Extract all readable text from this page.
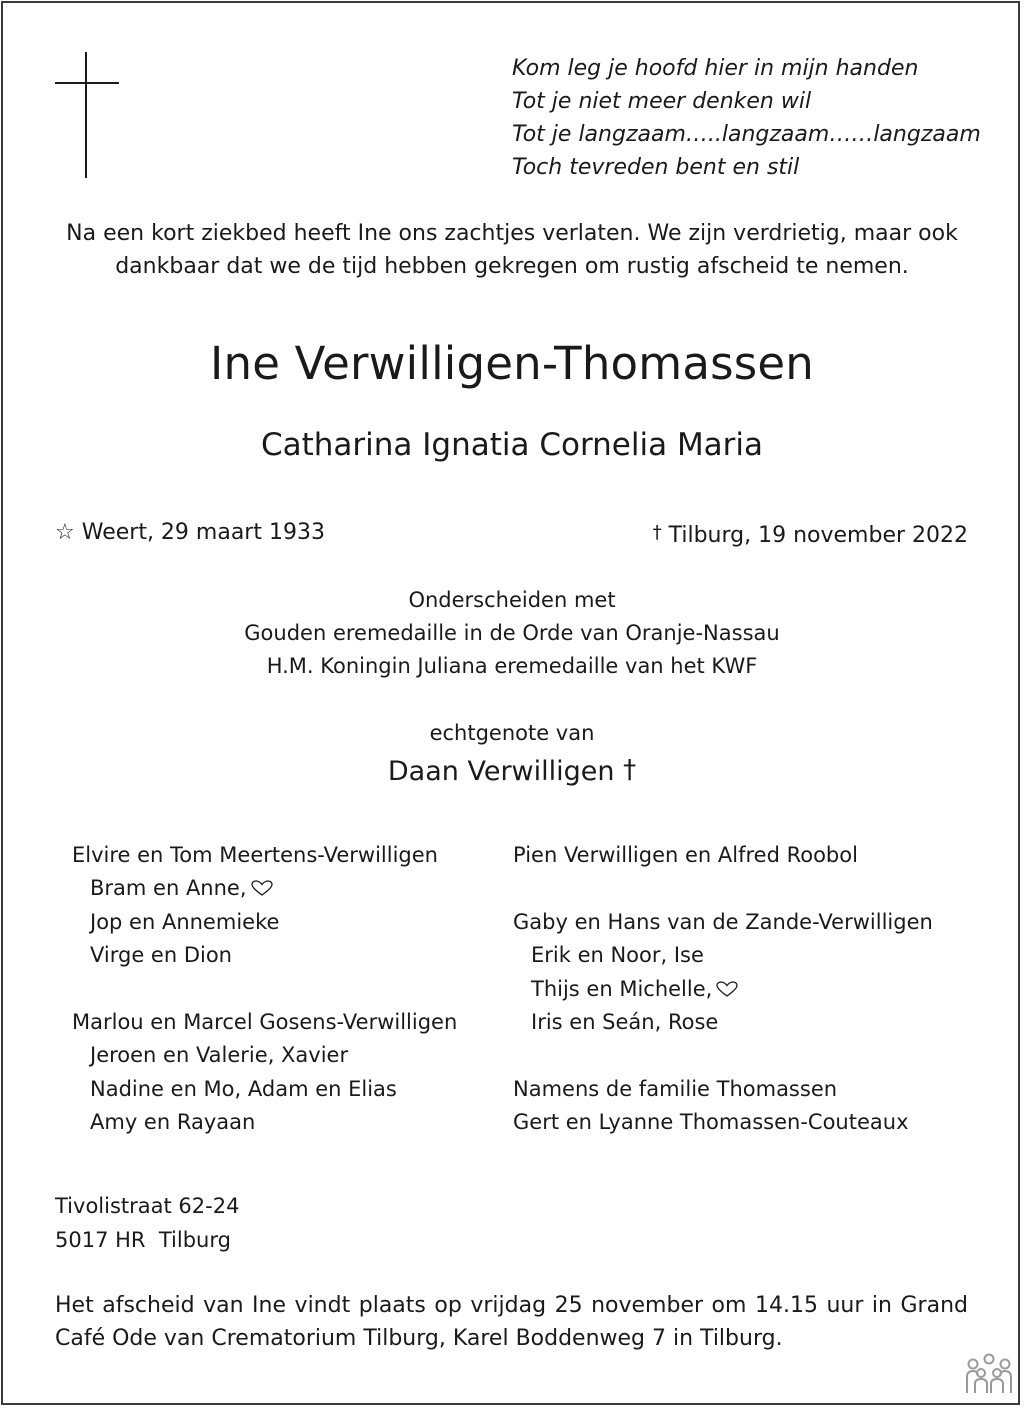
Kom leg je hoofd hier in mijn handen
Tot je niet meer denken wil
Tot je langzaam…..langzaam……langzaam
Toch tevreden bent en stil
Na een kort ziekbed heeft Ine ons zachtjes verlaten. We zijn verdrietig, maar ook
dankbaar dat we de tijd hebben gekregen om rustig afscheid te nemen.
Ine Verwilligen-Thomassen
Catharina Ignatia Cornelia Maria
☆ Weert, 29 maart 1933	† Tilburg, 19 november 2022
Onderscheiden met
Gouden eremedaille in de Orde van Oranje-Nassau
H.M. Koningin Juliana eremedaille van het KWF
echtgenote van
Daan Verwilligen †
Elvire en Tom Meertens-Verwilligen
Bram en Anne,
Jop en Annemieke
Virge en Dion
Marlou en Marcel Gosens-Verwilligen
Jeroen en Valerie, Xavier
Nadine en Mo, Adam en Elias
Amy en Rayaan
Pien Verwilligen en Alfred Roobol
Gaby en Hans van de Zande-Verwilligen
Erik en Noor, Ise
Thijs en Michelle,
Iris en Seán, Rose
Namens de familie Thomassen
Gert en Lyanne Thomassen-Couteaux
Tivolistraat 62-24
5017 HR  Tilburg
Het afscheid van Ine vindt plaats op vrijdag 25 november om 14.15 uur in Grand Café Ode van Crematorium Tilburg, Karel Boddenweg 7 in Tilburg.
